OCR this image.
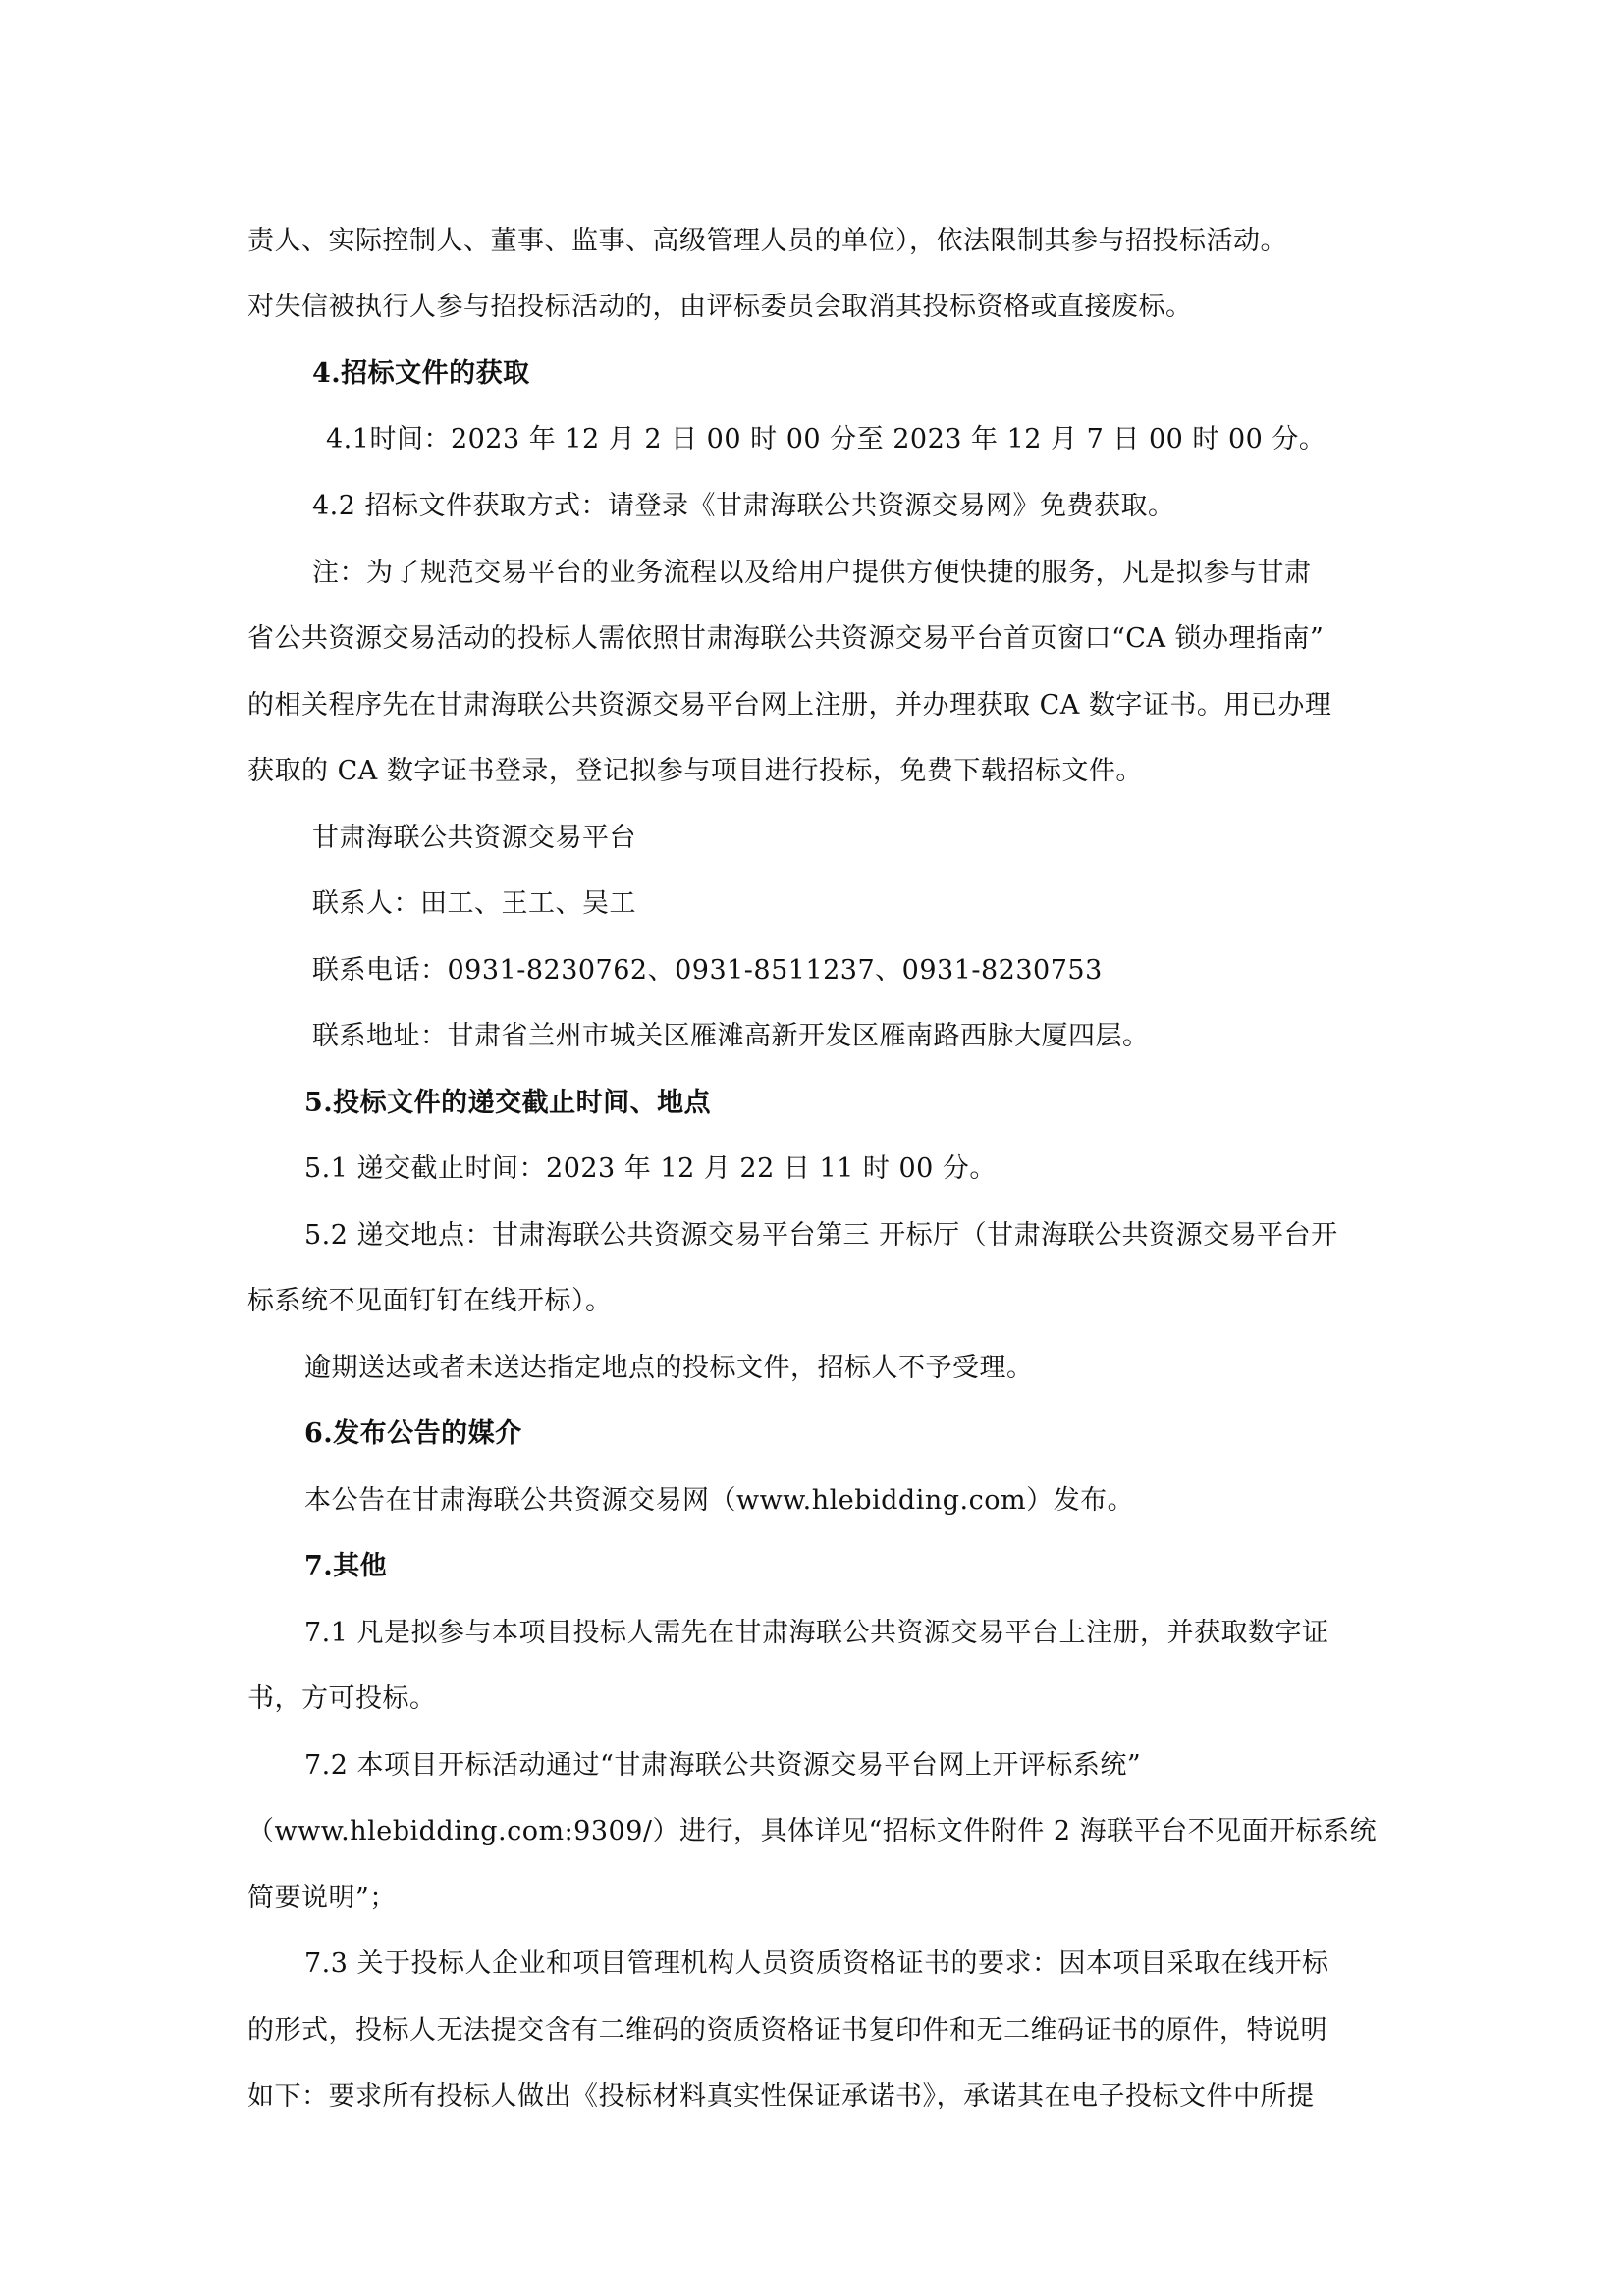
责人、实际控制人、董事、监事、高级管理人员的单位），依法限制其参与招投标活动。
对失信被执行人参与招投标活动的，由评标委员会取消其投标资格或直接废标。
4.招标文件的获取
4.1时间：2023 年 12 月 2 日 00 时 00 分至 2023 年 12 月 7 日 00 时 00 分。
4.2 招标文件获取方式：请登录《甘肃海联公共资源交易网》免费获取。
注：为了规范交易平台的业务流程以及给用户提供方便快捷的服务，凡是拟参与甘肃
省公共资源交易活动的投标人需依照甘肃海联公共资源交易平台首页窗口“CA 锁办理指南”
的相关程序先在甘肃海联公共资源交易平台网上注册，并办理获取 CA 数字证书。用已办理
获取的 CA 数字证书登录，登记拟参与项目进行投标，免费下载招标文件。
甘肃海联公共资源交易平台
联系人：田工、王工、吴工
联系电话：0931-8230762、0931-8511237、0931-8230753
联系地址：甘肃省兰州市城关区雁滩高新开发区雁南路西脉大厦四层。
5.投标文件的递交截止时间、地点
5.1 递交截止时间：2023 年 12 月 22 日 11 时 00 分。
5.2 递交地点：甘肃海联公共资源交易平台第三 开标厅（甘肃海联公共资源交易平台开
标系统不见面钉钉在线开标）。
逾期送达或者未送达指定地点的投标文件，招标人不予受理。
6.发布公告的媒介
本公告在甘肃海联公共资源交易网（www.hlebidding.com）发布。
7.其他
7.1 凡是拟参与本项目投标人需先在甘肃海联公共资源交易平台上注册，并获取数字证
书，方可投标。
7.2 本项目开标活动通过“甘肃海联公共资源交易平台网上开评标系统”
（www.hlebidding.com:9309/）进行，具体详见“招标文件附件 2 海联平台不见面开标系统
简要说明”；
7.3 关于投标人企业和项目管理机构人员资质资格证书的要求：因本项目采取在线开标
的形式，投标人无法提交含有二维码的资质资格证书复印件和无二维码证书的原件，特说明
如下：要求所有投标人做出《投标材料真实性保证承诺书》，承诺其在电子投标文件中所提
